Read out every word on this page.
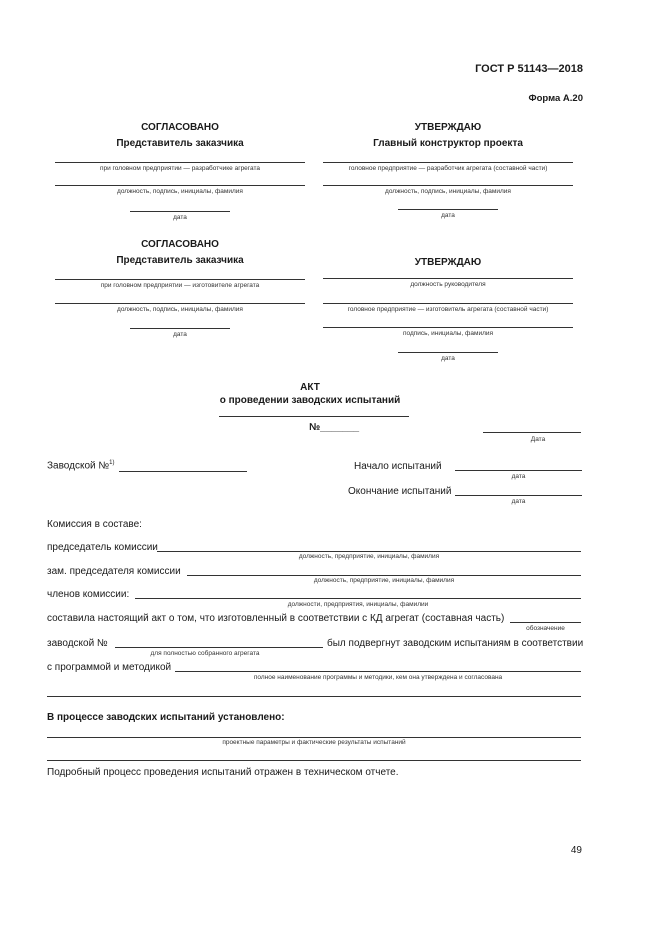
ГОСТ Р 51143—2018
Форма А.20
СОГЛАСОВАНО
Представитель заказчика
при головном предприятии — разработчике агрегата
должность, подпись, инициалы, фамилия
дата
УТВЕРЖДАЮ
Главный конструктор проекта
головное предприятие — разработчик агрегата (составной части)
должность, подпись, инициалы, фамилия
дата
СОГЛАСОВАНО
Представитель заказчика
при головном предприятии — изготовителе агрегата
должность, подпись, инициалы, фамилия
дата
УТВЕРЖДАЮ
должность руководителя
головное предприятие — изготовитель агрегата (составной части)
подпись, инициалы, фамилия
дата
АКТ
о проведении заводских испытаний
№_______
Дата
Заводской №$^{1)}$	Начало испытаний
дата
Окончание испытаний
дата
Комиссия в составе:
председатель комиссии
должность, предприятие, инициалы, фамилия
зам. председателя комиссии
должность, предприятие, инициалы, фамилия
членов комиссии:
должности, предприятия, инициалы, фамилии
составила настоящий акт о том, что изготовленный в соответствии с КД агрегат (составная часть)
обозначение
заводской №
для полностью собранного агрегата
был подвергнут заводским испытаниям в соответствии
с программой и методикой
полное наименование программы и методики, кем она утверждена и согласована
В процессе заводских испытаний установлено:
проектные параметры и фактические результаты испытаний
Подробный процесс проведения испытаний отражен в техническом отчете.
49
